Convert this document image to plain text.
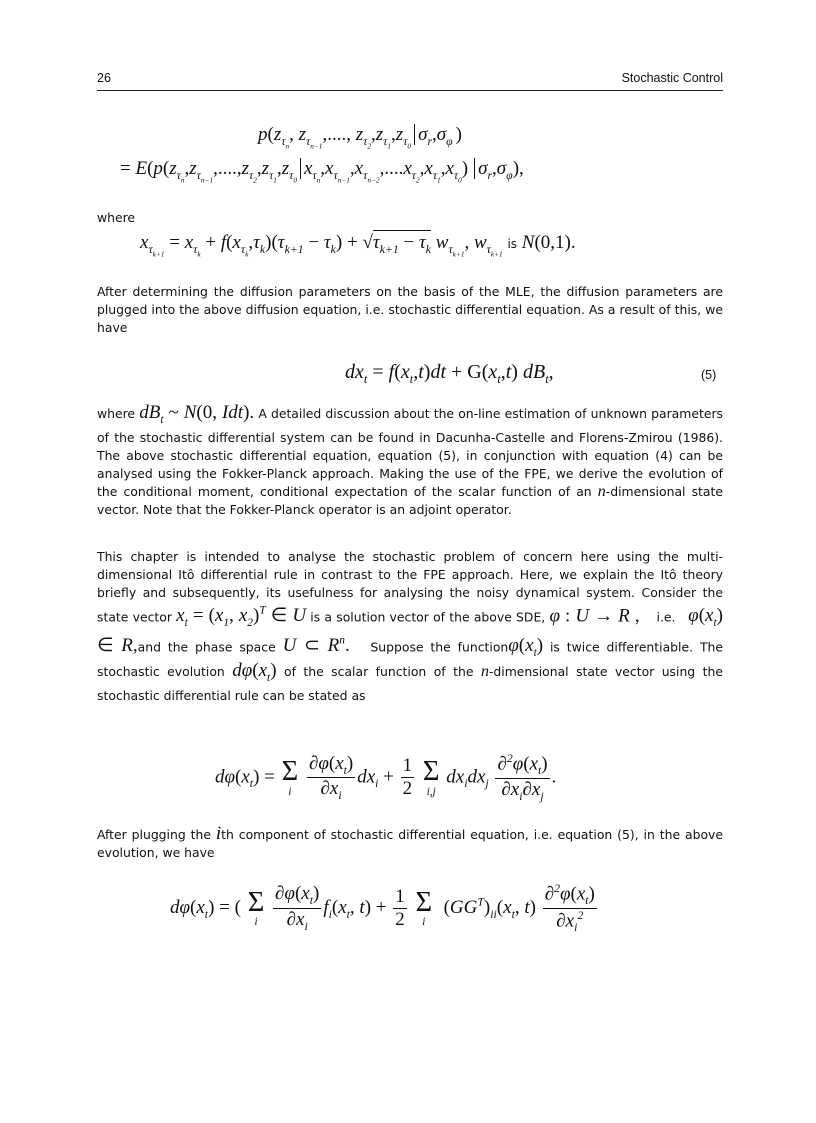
26	Stochastic Control
$p(z_{\tau_n}$, $z_{\tau_{n-1}}$,...., $z_{\tau_2},z_{\tau_1},z_{\tau_0}\sigma_r,\sigma_\varphi$ )
= $E(p(z_{\tau_n},z_{\tau_{n-1}},....,z_{\tau_2},z_{\tau_1},z_{\tau_0}x_{\tau_n},x_{\tau_{n-1}},x_{\tau_{n-2}},....x_{\tau_2},x_{\tau_1},x_{\tau_0})$ $\sigma_r,\sigma_\varphi$),
where
$x_{\tau_{k+1}} = x_{\tau_k} + f(x_{\tau_k},\tau_k)(\tau_{k+1} - \tau_k) + √\tau_{k+1} - \tau_k$ $w_{\tau_{k+1}}$, $w_{\tau_{k+1}}$ is N(0,1).
After determining the diffusion parameters on the basis of the MLE, the diffusion parameters are plugged into the above diffusion equation, i.e. stochastic differential equation. As a result of this, we have
$dx_t = f(x_t,t)dt + G(x_t,t)$ $dB_t$,	(5)
where $dB_t$ ~ N(0, Idt). A detailed discussion about the on-line estimation of unknown parameters of the stochastic differential system can be found in Dacunha-Castelle and Florens-Zmirou (1986). The above stochastic differential equation, equation (5), in conjunction with equation (4) can be analysed using the Fokker-Planck approach. Making the use of the FPE, we derive the evolution of the conditional moment, conditional expectation of the scalar function of an n-dimensional state vector. Note that the Fokker-Planck operator is an adjoint operator.
This chapter is intended to analyse the stochastic problem of concern here using the multi-dimensional Itô differential rule in contrast to the FPE approach. Here, we explain the Itô theory briefly and subsequently, its usefulness for analysing the noisy dynamical system. Consider the state vector $x_t = (x_1$, $x_2)^T$ ∈ U is a solution vector of the above SDE, φ : U → R , i.e. $\varphi(x_t)$ ∈ R,and the phase space U ⊂ $R^n$. Suppose the $function\varphi(x_t)$ is twice differentiable. The stochastic evolution $d\varphi(x_t)$ of the scalar function of the n-dimensional state vector using the stochastic differential rule can be stated as
$d\varphi(x_t) = \Sigma$
i
$\frac{\partial\varphi(x_t)}{\partial x_i} dx_i + \frac{1}{2}$
Σ
i,j
$dx_idx_j \frac{\partial^2\varphi(x_t)}{\partial x_i\partial x_j}$ .
After plugging the ith component of stochastic differential equation, i.e. equation (5), in the above evolution, we have
$d\varphi(x_t)$ = ( Σ
i
$\frac{\partial\varphi(x_t)}{\partial x_i} f_i(x_t$, $t) + \frac{1}{2}$
Σ
i
$(GG^T)_{ii}(x_t$, $t) \frac{\partial^2\varphi(x_t)}{\partial x_i^2}$
